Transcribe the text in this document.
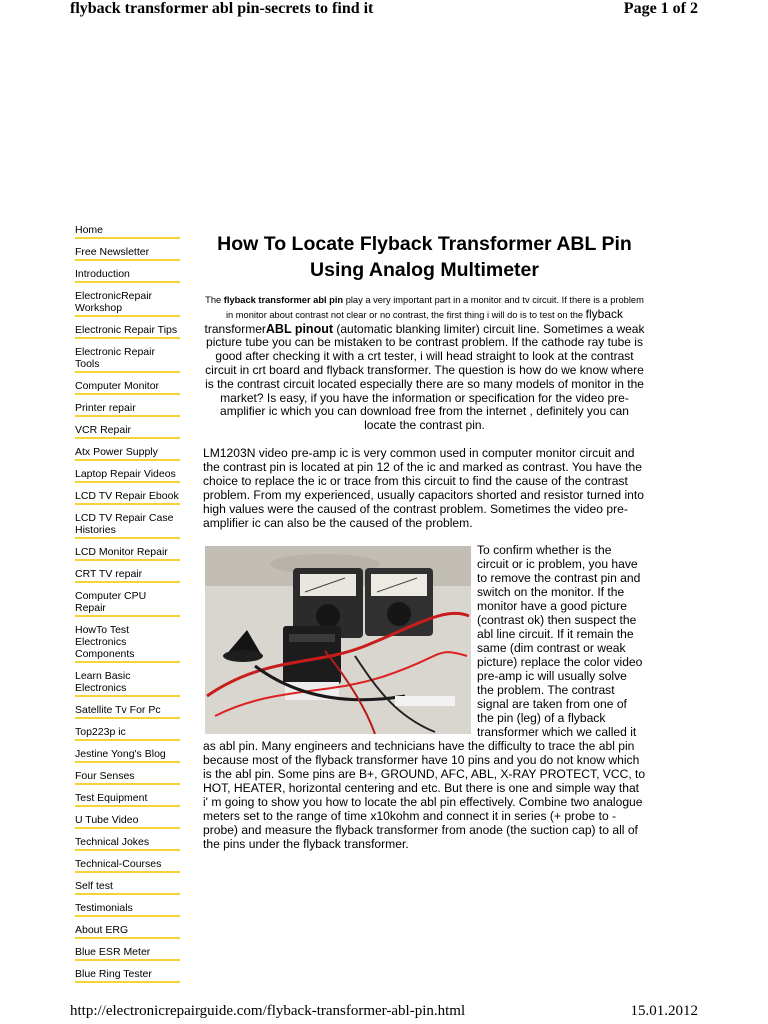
flyback transformer abl pin-secrets to find it	Page 1 of 2
Home
Free Newsletter
Introduction
ElectronicRepair Workshop
Electronic Repair Tips
Electronic Repair Tools
Computer Monitor
Printer repair
VCR Repair
Atx Power Supply
Laptop Repair Videos
LCD TV Repair Ebook
LCD TV Repair Case Histories
LCD Monitor Repair
CRT TV repair
Computer CPU Repair
HowTo Test Electronics Components
Learn Basic Electronics
Satellite Tv For Pc
Top223p ic
Jestine Yong's Blog
Four Senses
Test Equipment
U Tube Video
Technical Jokes
Technical-Courses
Self test
Testimonials
About ERG
Blue ESR Meter
Blue Ring Tester
How To Locate Flyback Transformer ABL Pin Using Analog Multimeter
The flyback transformer abl pin play a very important part in a monitor and tv circuit. If there is a problem in monitor about contrast not clear or no contrast, the first thing i will do is to test on the flyback transformerABL pinout (automatic blanking limiter) circuit line. Sometimes a weak picture tube you can be mistaken to be contrast problem. If the cathode ray tube is good after checking it with a crt tester, i will head straight to look at the contrast circuit in crt board and flyback transformer. The question is how do we know where is the contrast circuit located especially there are so many models of monitor in the market? Is easy, if you have the information or specification for the video pre-amplifier ic which you can download free from the internet , definitely you can locate the contrast pin.

LM1203N video pre-amp ic is very common used in computer monitor circuit and the contrast pin is located at pin 12 of the ic and marked as contrast. You have the choice to replace the ic or trace from this circuit to find the cause of the contrast problem. From my experienced, usually capacitors shorted and resistor turned into high values were the caused of the contrast problem. Sometimes the video pre-amplifier ic can also be the caused of the problem.

To confirm whether is the circuit or ic problem, you have to remove the contrast pin and switch on the monitor. If the monitor have a good picture (contrast ok) then suspect the abl line circuit. If it remain the same (dim contrast or weak picture) replace the color video pre-amp ic will usually solve the problem. The contrast signal are taken from one of the pin (leg) of a flyback transformer which we called it as abl pin. Many engineers and technicians have the difficulty to trace the abl pin because most of the flyback transformer have 10 pins and you do not know which is the abl pin. Some pins are B+, GROUND, AFC, ABL, X-RAY PROTECT, VCC, to HOT, HEATER, horizontal centering and etc. But there is one and simple way that i' m going to show you how to locate the abl pin effectively. Combine two analogue meters set to the range of time x10kohm and connect it in series (+ probe to - probe) and measure the flyback transformer from anode (the suction cap) to all of the pins under the flyback transformer.

http://electronicrepairguide.com/flyback-transformer-abl-pin.html	15.01.2012
